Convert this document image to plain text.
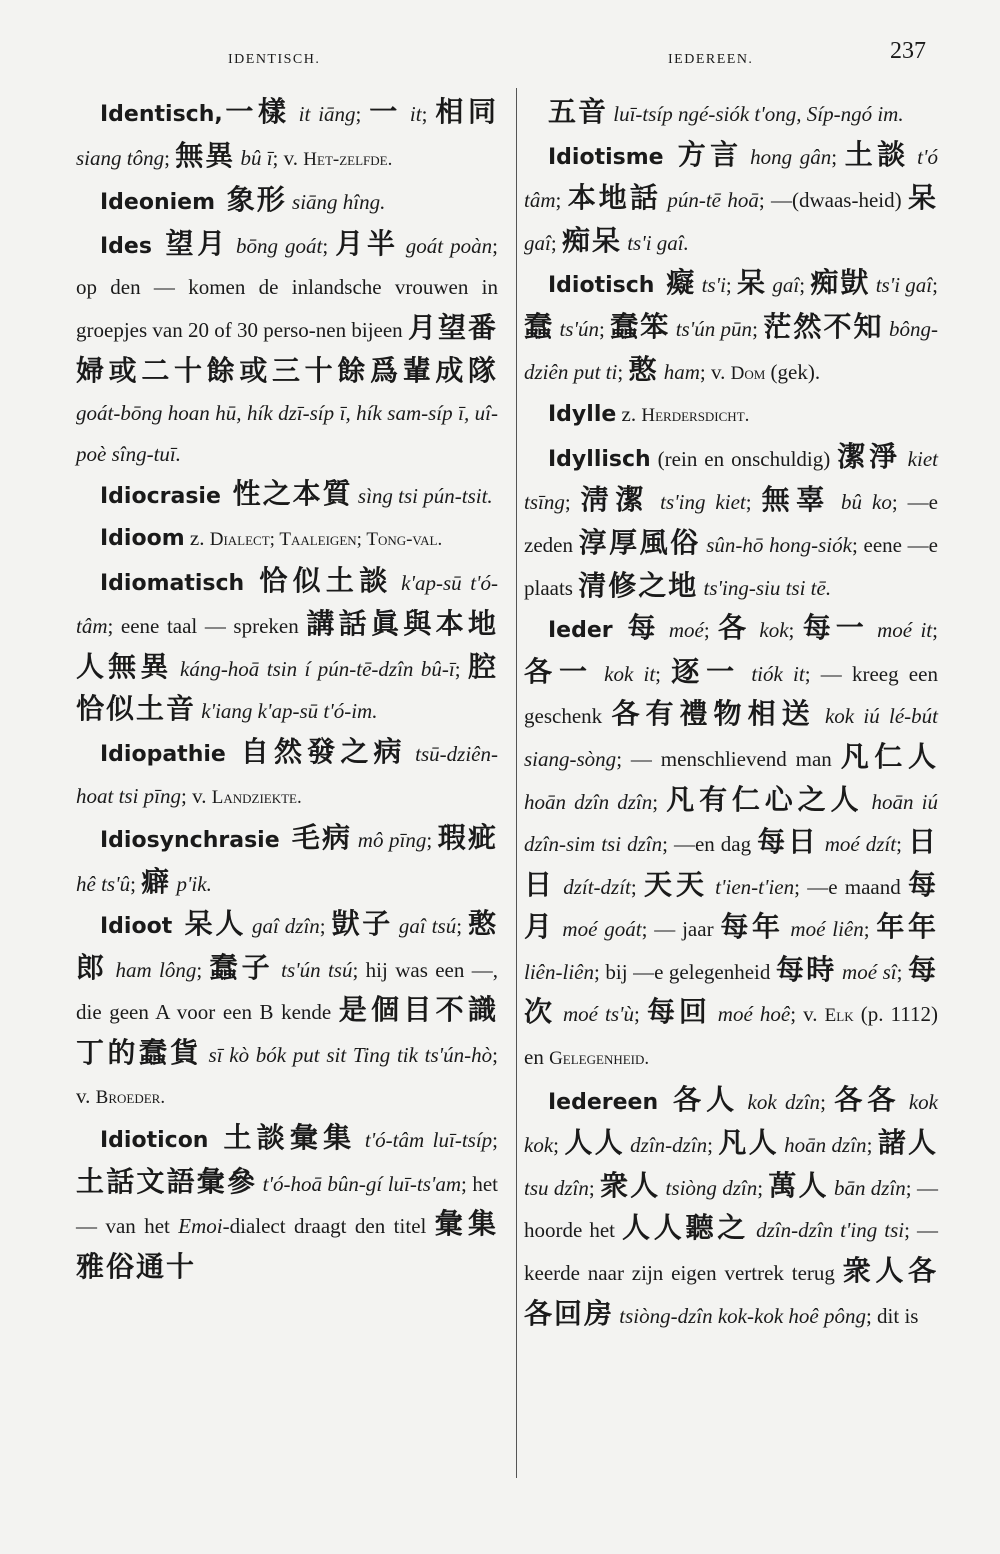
IDENTISCH.	IEDEREEN.	237

Identisch,一樣 it iāng; 一 it; 相同 siang tông; 無異 bû ī; v. Het-zelfde.

Ideoniem 象形 siāng hîng.

Ides 望月 bōng goát; 月半 goát poàn; op den — komen de inlandsche vrouwen in groepjes van 20 of 30 perso-nen bijeen 月望番婦或二十餘或三十餘爲輩成隊 goát-bōng hoan hū, hík dzī-síp ī, hík sam-síp ī, uî-poè sîng-tuī.

Idiocrasie 性之本質 sìng tsi pún-tsit.

Idioom z. Dialect; Taaleigen; Tong-val.

Idiomatisch 恰似土談 k'ap-sū t'ó-tâm; eene taal — spreken 講話眞與本地人無異 káng-hoā tsin í pún-tē-dzîn bû-ī; 腔恰似土音 k'iang k'ap-sū t'ó-im.

Idiopathie 自然發之病 tsū-dziên-hoat tsi pīng; v. Landziekte.

Idiosynchrasie 毛病 mô pīng; 瑕疵 hê ts'û; 癖 p'ik.

Idioot 呆人 gaî dzîn; 獃子 gaî tsú; 憨郎 ham lông; 蠢子 ts'ún tsú; hij was een —, die geen A voor een B kende 是個目不識丁的蠢貨 sī kò bók put sit Ting tik ts'ún-hò; v. Broeder.

Idioticon 土談彙集 t'ó-tâm luī-tsíp; 土話文語彙參 t'ó-hoā bûn-gí luī-ts'am; het — van het Emoi-dialect draagt den titel 彙集雅俗通十

五音 luī-tsíp ngé-siók t'ong, Síp-ngó im.

Idiotisme 方言 hong gân; 土談 t'ó tâm; 本地話 pún-tē hoā; —(dwaas-heid) 呆 gaî; 痴呆 ts'i gaî.

Idiotisch 癡 ts'i; 呆 gaî; 痴獃 ts'i gaî; 蠢 ts'ún; 蠢笨 ts'ún pūn; 茫然不知 bông-dziên put ti; 憨 ham; v. Dom (gek).

Idylle z. Herdersdicht.

Idyllisch (rein en onschuldig) 潔淨 kiet tsīng; 淸潔 ts'ing kiet; 無辜 bû ko; —e zeden 淳厚風俗 sûn-hō hong-siók; eene —e plaats 清修之地 ts'ing-siu tsi tē.

Ieder 每 moé; 各 kok; 每一 moé it; 各一 kok it; 逐一 tiók it; — kreeg een geschenk 各有禮物相送 kok iú lé-bút siang-sòng; — menschlievend man 凡仁人 hoān dzîn dzîn; 凡有仁心之人 hoān iú dzîn-sim tsi dzîn; —en dag 每日 moé dzít; 日日 dzít-dzít; 天天 t'ien-t'ien; —e maand 每月 moé goát; — jaar 每年 moé liên; 年年 liên-liên; bij —e gelegenheid 每時 moé sî; 每次 moé ts'ù; 每回 moé hoê; v. Elk (p. 1112) en Gelegenheid.

Iedereen 各人 kok dzîn; 各各 kok kok; 人人 dzîn-dzîn; 凡人 hoān dzîn; 諸人 tsu dzîn; 衆人 tsiòng dzîn; 萬人 bān dzîn; — hoorde het 人人聽之 dzîn-dzîn t'ing tsi; —keerde naar zijn eigen vertrek terug 衆人各各回房 tsiòng-dzîn kok-kok hoê pông; dit is
